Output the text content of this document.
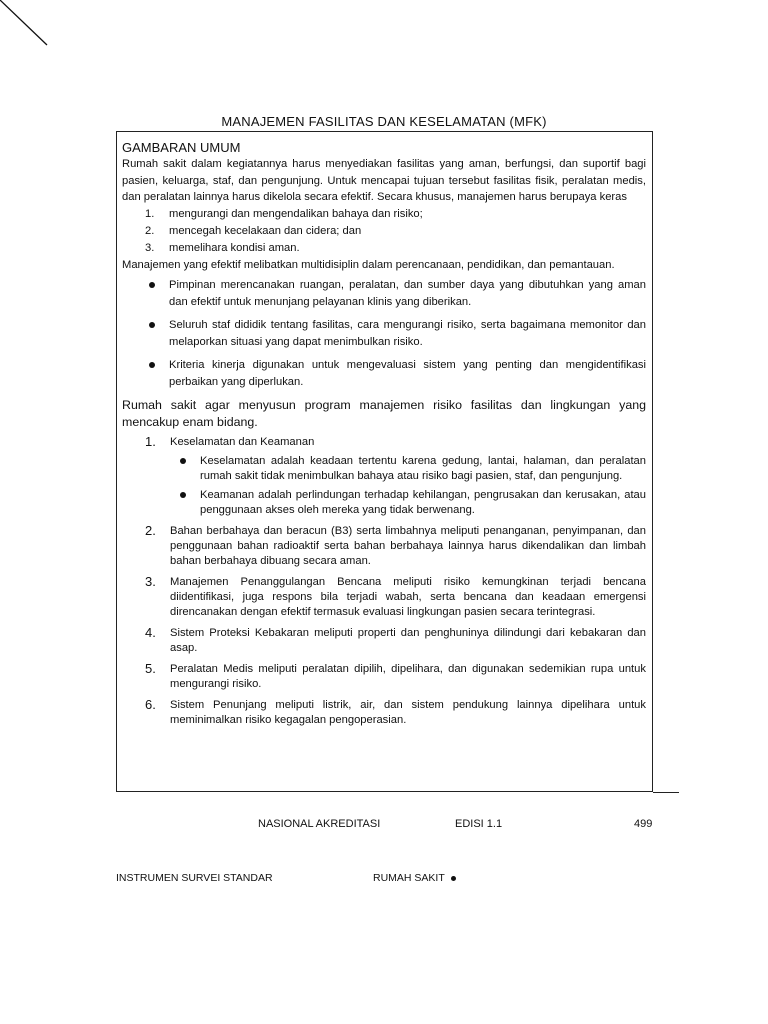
MANAJEMEN FASILITAS DAN KESELAMATAN (MFK)
GAMBARAN UMUM

Rumah sakit dalam kegiatannya harus menyediakan fasilitas yang aman, berfungsi, dan suportif bagi pasien, keluarga, staf, dan pengunjung. Untuk mencapai tujuan tersebut fasilitas fisik, peralatan medis, dan peralatan lainnya harus dikelola secara efektif. Secara khusus, manajemen harus berupaya keras

1. mengurangi dan mengendalikan bahaya dan risiko;
2. mencegah kecelakaan dan cidera; dan
3. memelihara kondisi aman.

Manajemen yang efektif melibatkan multidisiplin dalam perencanaan, pendidikan, dan pemantauan.

Pimpinan merencanakan ruangan, peralatan, dan sumber daya yang dibutuhkan yang aman dan efektif untuk menunjang pelayanan klinis yang diberikan.
Seluruh staf dididik tentang fasilitas, cara mengurangi risiko, serta bagaimana memonitor dan melaporkan situasi yang dapat menimbulkan risiko.
Kriteria kinerja digunakan untuk mengevaluasi sistem yang penting dan mengidentifikasi perbaikan yang diperlukan.

Rumah sakit agar menyusun program manajemen risiko fasilitas dan lingkungan yang mencakup enam bidang.

1. Keselamatan dan Keamanan
Keselamatan adalah keadaan tertentu karena gedung, lantai, halaman, dan peralatan rumah sakit tidak menimbulkan bahaya atau risiko bagi pasien, staf, dan pengunjung.
Keamanan adalah perlindungan terhadap kehilangan, pengrusakan dan kerusakan, atau penggunaan akses oleh mereka yang tidak berwenang.
2. Bahan berbahaya dan beracun (B3) serta limbahnya meliputi penanganan, penyimpanan, dan penggunaan bahan radioaktif serta bahan berbahaya lainnya harus dikendalikan dan limbah bahan berbahaya dibuang secara aman.
3. Manajemen Penanggulangan Bencana meliputi risiko kemungkinan terjadi bencana diidentifikasi, juga respons bila terjadi wabah, serta bencana dan keadaan emergensi direncanakan dengan efektif termasuk evaluasi lingkungan pasien secara terintegrasi.
4. Sistem Proteksi Kebakaran meliputi properti dan penghuninya dilindungi dari kebakaran dan asap.
5. Peralatan Medis meliputi peralatan dipilih, dipelihara, dan digunakan sedemikian rupa untuk mengurangi risiko.
6. Sistem Penunjang meliputi listrik, air, dan sistem pendukung lainnya dipelihara untuk meminimalkan risiko kegagalan pengoperasian.
NASIONAL AKREDITASI	EDISI 1.1	499
INSTRUMEN SURVEI STANDAR	RUMAH SAKIT
